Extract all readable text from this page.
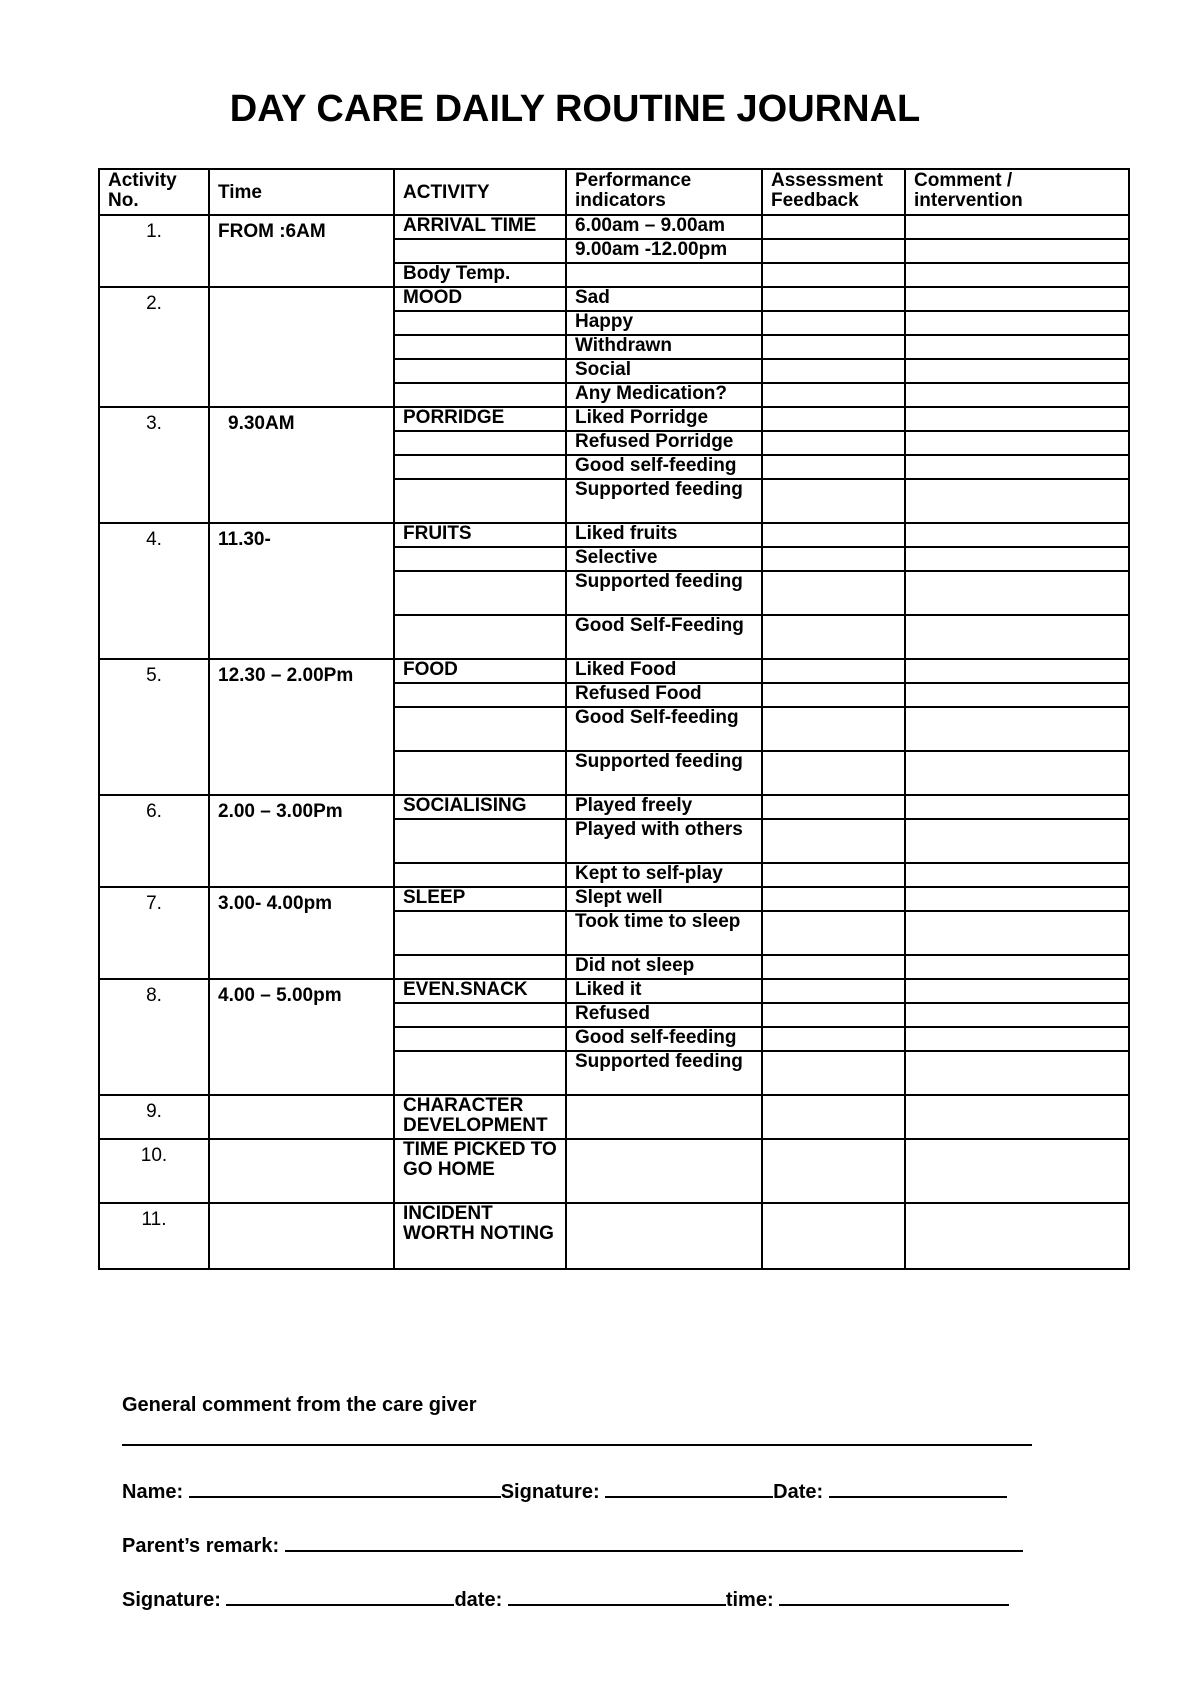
DAY CARE DAILY ROUTINE JOURNAL
Activity No.	Time	ACTIVITY	Performance indicators	Assessment Feedback	Comment / intervention
1.	FROM :6AM	ARRIVAL TIME	6.00am – 9.00am		
			9.00am -12.00pm		
		Body Temp.			
2.		MOOD	Sad		
			Happy		
			Withdrawn		
			Social		
			Any Medication?		
3.	9.30AM	PORRIDGE	Liked Porridge		
			Refused Porridge		
			Good self-feeding		
			Supported feeding		
4.	11.30-	FRUITS	Liked fruits		
			Selective		
			Supported feeding		
			Good Self-Feeding		
5.	12.30 – 2.00Pm	FOOD	Liked Food		
			Refused Food		
			Good Self-feeding		
			Supported feeding		
6.	2.00 – 3.00Pm	SOCIALISING	Played freely		
			Played with others		
			Kept to self-play		
7.	3.00- 4.00pm	SLEEP	Slept well		
			Took time to sleep		
			Did not sleep		
8.	4.00 – 5.00pm	EVEN.SNACK	Liked it		
			Refused		
			Good self-feeding		
			Supported feeding		
9.		CHARACTER DEVELOPMENT			
10.		TIME PICKED TO GO HOME			
11.		INCIDENT WORTH NOTING			
General comment from the care giver
Name:	Signature:	Date:
Parent’s remark:
Signature:	date:	time:
